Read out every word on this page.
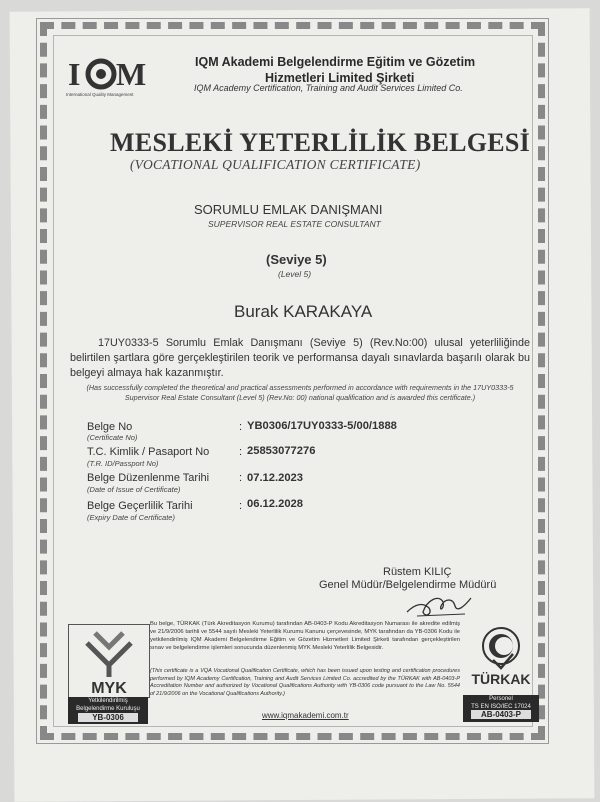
I M
International Quality Management
IQM Akademi Belgelendirme Eğitim ve Gözetim
Hizmetleri Limited Şirketi
IQM Academy Certification, Training and Audit Services Limited Co.
MESLEKİ YETERLİLİK BELGESİ
(VOCATIONAL QUALIFICATION CERTIFICATE)
SORUMLU EMLAK DANIŞMANI
SUPERVISOR REAL ESTATE CONSULTANT
(Seviye 5)
(Level 5)
Burak KARAKAYA
17UY0333-5 Sorumlu Emlak Danışmanı (Seviye 5) (Rev.No:00) ulusal yeterliliğinde belirtilen şartlara göre gerçekleştirilen teorik ve performansa dayalı sınavlarda başarılı olarak bu belgeyi almaya hak kazanmıştır.
(Has successfully completed the theoretical and practical assessments performed in accordance with requirements in the 17UY0333-5 Supervisor Real Estate Consultant (Level 5) (Rev.No: 00) national qualification and is awarded this certificate.)
Belge No
(Certificate No)
: YB0306/17UY0333-5/00/1888
T.C. Kimlik / Pasaport No
(T.R. ID/Passport No)
: 25853077276
Belge Düzenlenme Tarihi
(Date of Issue of Certificate)
: 07.12.2023
Belge Geçerlilik Tarihi
(Expiry Date of Certificate)
: 06.12.2028
Rüstem KILIÇ
Genel Müdür/Belgelendirme Müdürü
Bu belge, TÜRKAK (Türk Akreditasyon Kurumu) tarafından AB-0403-P Kodu Akreditasyon Numarası ile akredite edilmiş ve 21/9/2006 tarihli ve 5544 sayılı Mesleki Yeterlilik Kurumu Kanunu çerçevesinde, MYK tarafından da YB-0306 Kodu ile yetkilendirilmiş IQM Akademi Belgelendirme Eğitim ve Gözetim Hizmetleri Limited Şirketi tarafından gerçekleştirilen sınav ve belgelendirme işlemleri sonucunda düzenlenmiş MYK Mesleki Yeterlilik Belgesidir.
(This certificate is a VQA Vocational Qualification Certificate, which has been issued upon testing and certification procedures performed by IQM Academy Certification, Training and Audit Services Limited Co. accredited by the TÜRKAK with AB-0403-P Accreditation Number and authorized by Vocational Qualifications Authority with YB-0306 code pursuant to the Law No. 5544 of 21/9/2006 on the Vocational Qualifications Authority.)
MYK
Yetkilendirilmiş
Belgelendirme Kuruluşu
YB-0306
TÜRKAK
Personel
TS EN ISO/IEC 17024
AB-0403-P
www.iqmakademi.com.tr
